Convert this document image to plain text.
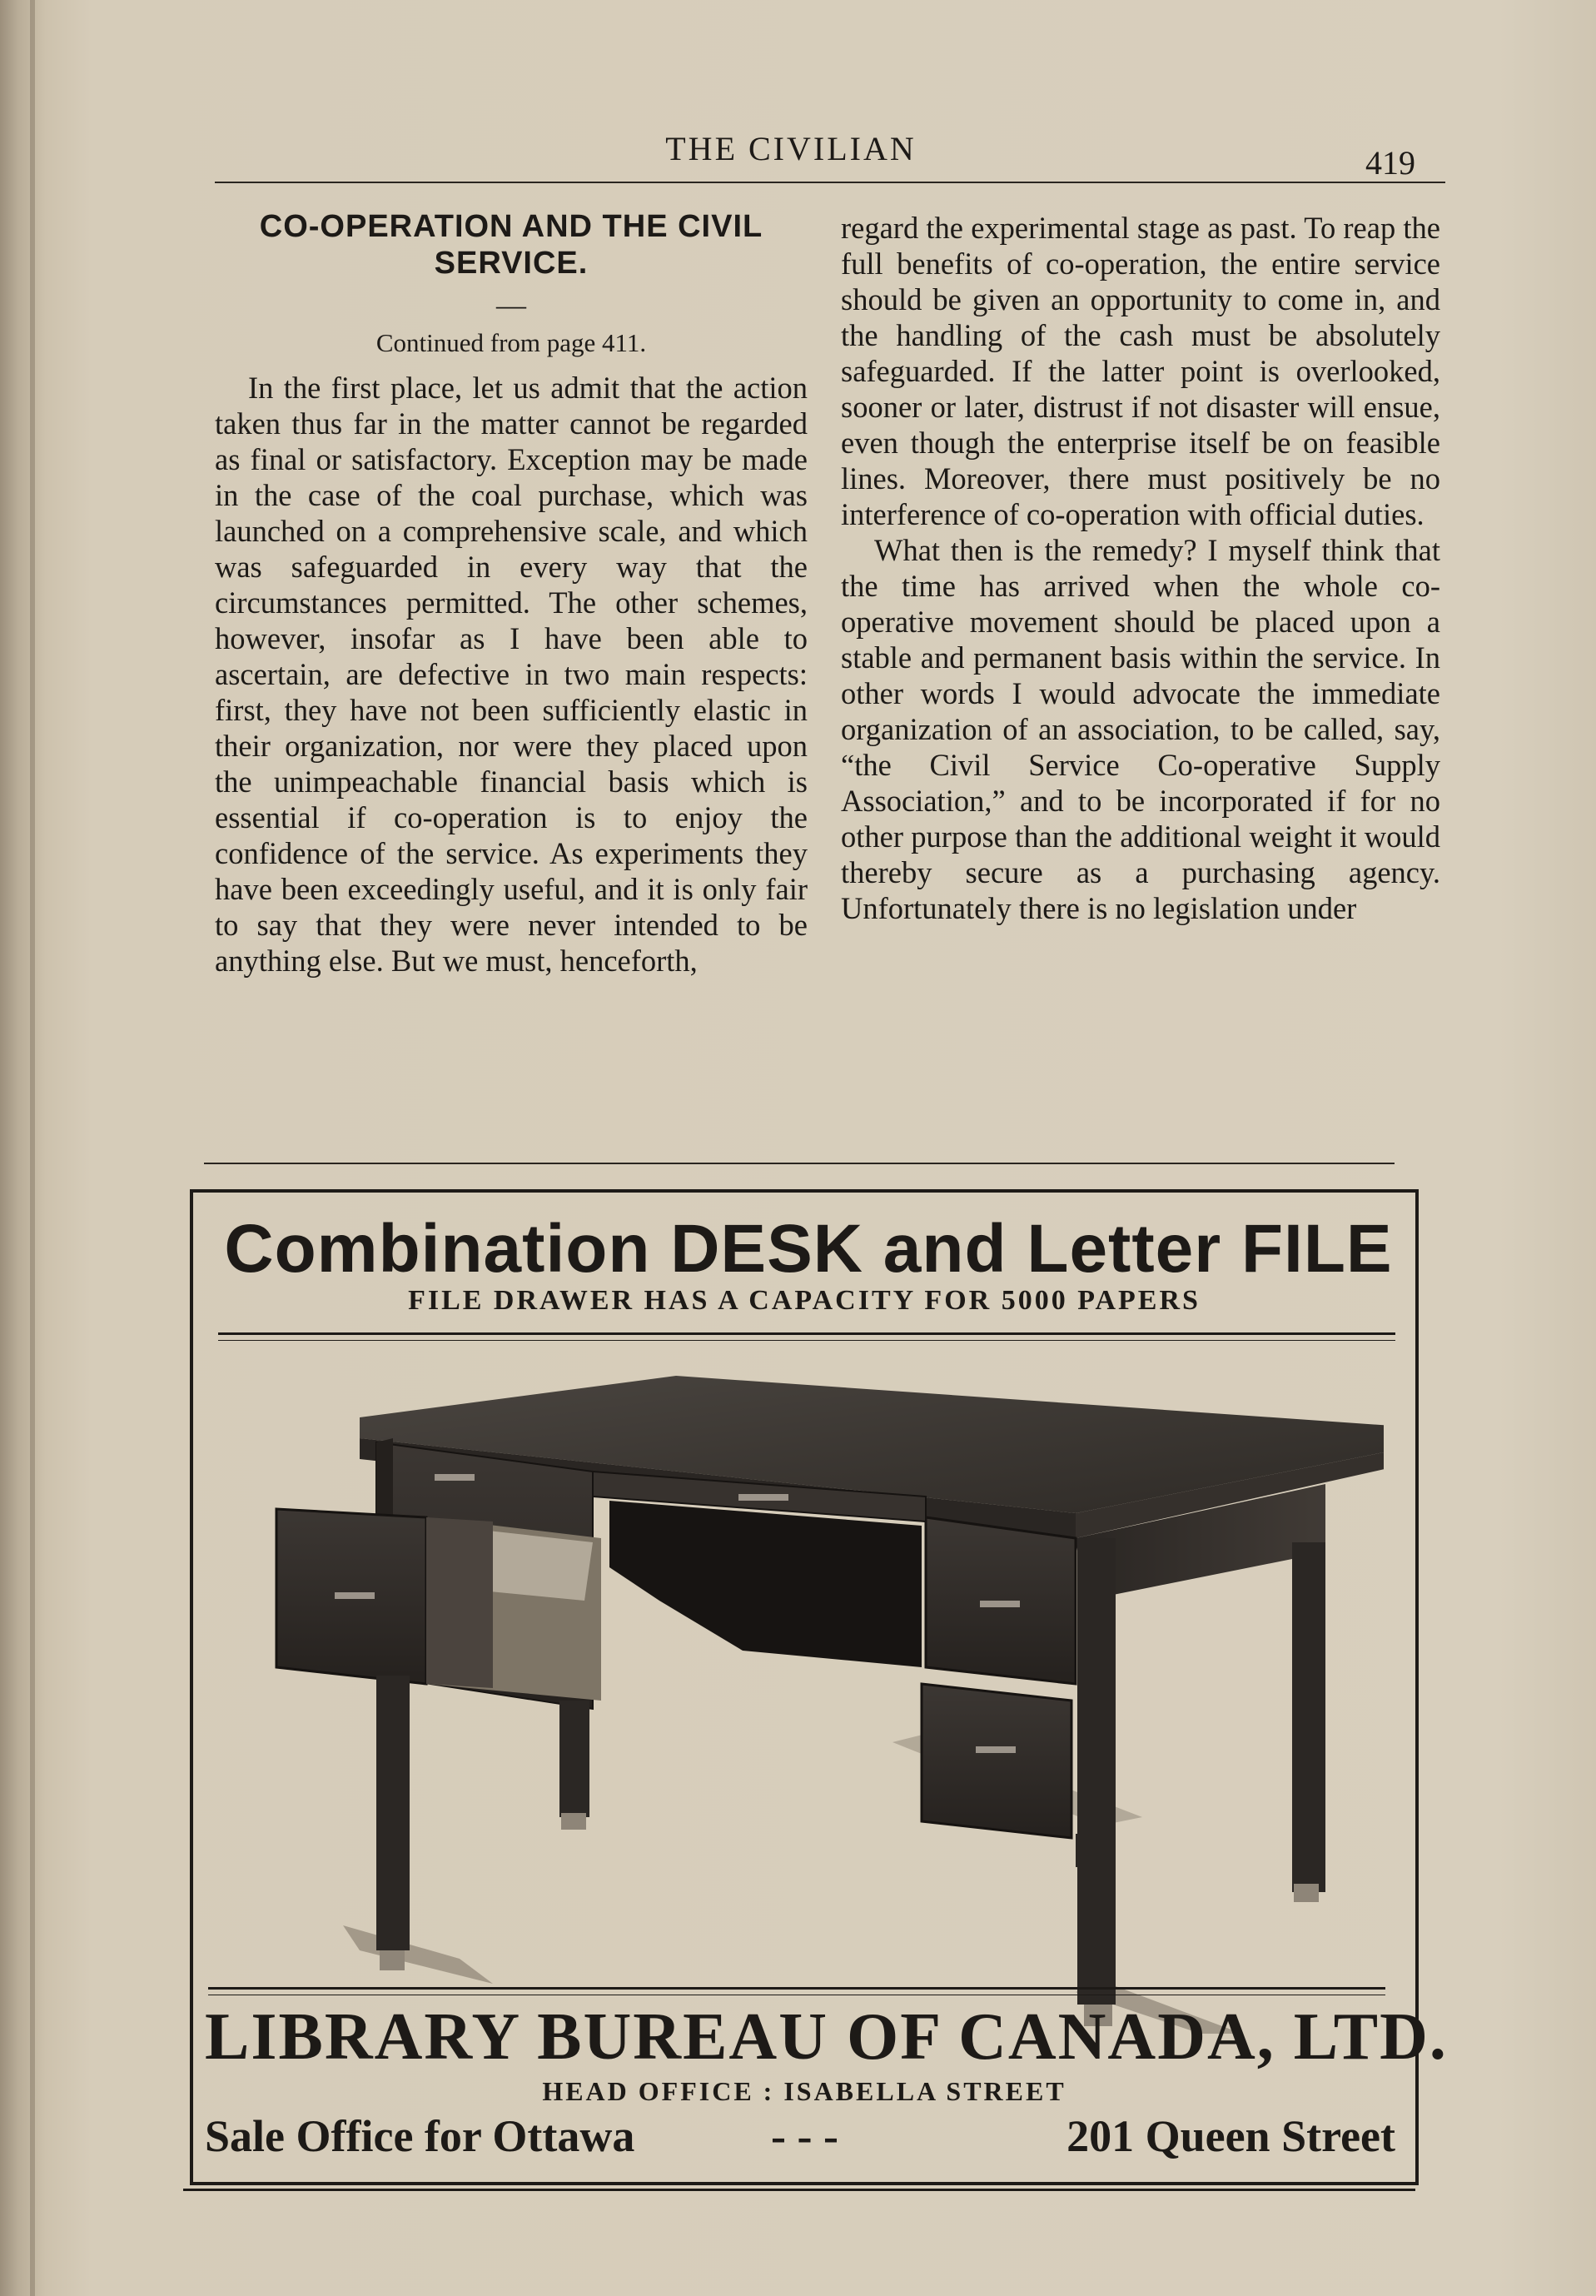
THE CIVILIAN	419
CO-OPERATION AND THE CIVIL
SERVICE.
—
Continued from page 411.

In the first place, let us admit that the action taken thus far in the matter cannot be regarded as final or satisfactory. Exception may be made in the case of the coal purchase, which was launched on a comprehensive scale, and which was safeguarded in every way that the circumstances permitted. The other schemes, however, insofar as I have been able to ascertain, are defective in two main respects: first, they have not been sufficiently elastic in their organization, nor were they placed upon the unimpeachable financial basis which is essential if co-operation is to enjoy the confidence of the service. As experiments they have been exceedingly useful, and it is only fair to say that they were never intended to be anything else. But we must, henceforth,

regard the experimental stage as past. To reap the full benefits of co-operation, the entire service should be given an opportunity to come in, and the handling of the cash must be absolutely safeguarded. If the latter point is overlooked, sooner or later, distrust if not disaster will ensue, even though the enterprise itself be on feasible lines. Moreover, there must positively be no interference of co-operation with official duties.

What then is the remedy? I myself think that the time has arrived when the whole co-operative movement should be placed upon a stable and permanent basis within the service. In other words I would advocate the immediate organization of an association, to be called, say, “the Civil Service Co-operative Supply Association,” and to be incorporated if for no other purpose than the additional weight it would thereby secure as a purchasing agency. Unfortunately there is no legislation under

Combination DESK and Letter FILE
FILE DRAWER HAS A CAPACITY FOR 5000 PAPERS
LIBRARY BUREAU OF CANADA, LTD.
HEAD OFFICE : ISABELLA STREET
Sale Office for Ottawa	- - -	201 Queen Street
